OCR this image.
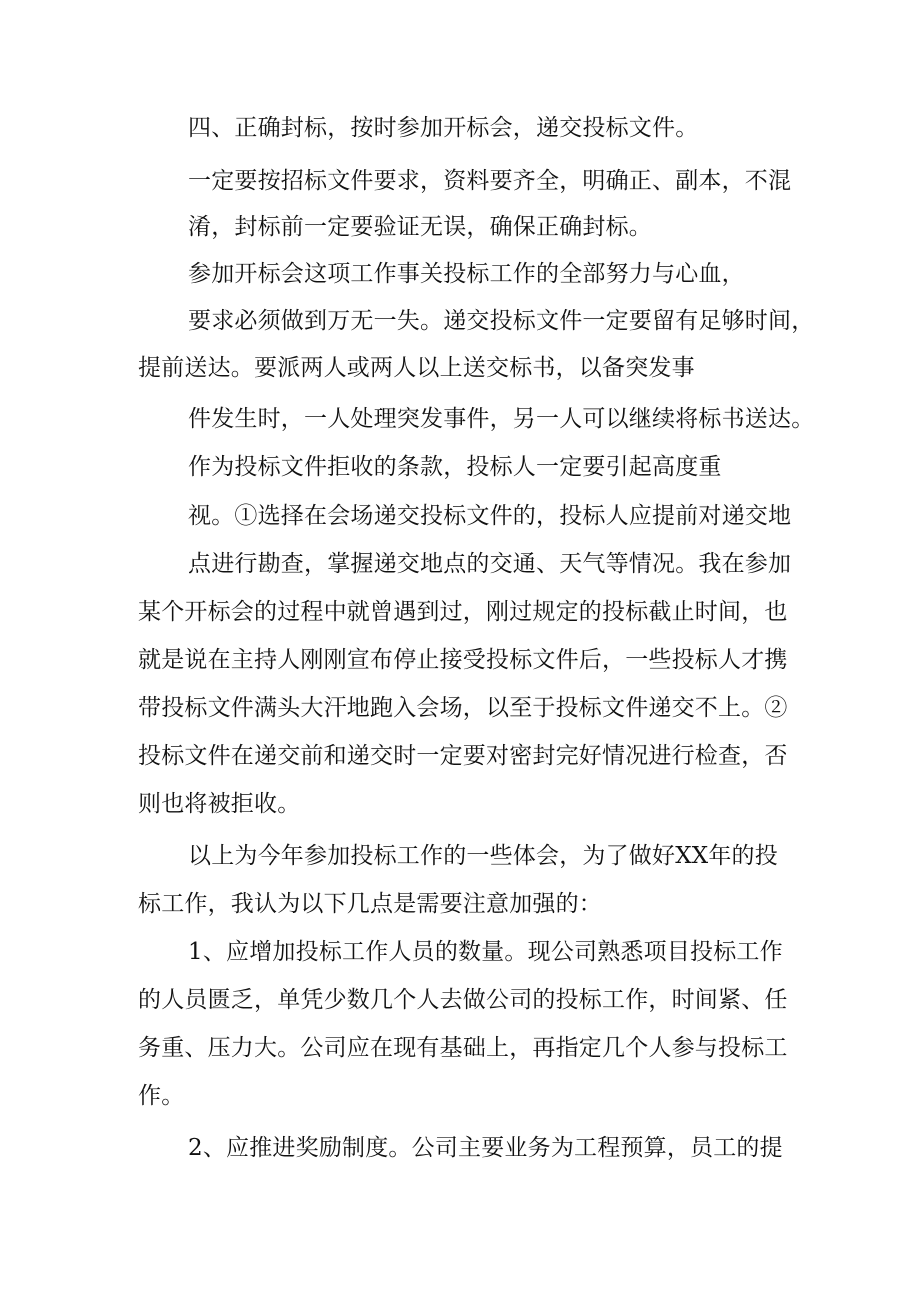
四、正确封标，按时参加开标会，递交投标文件。
一定要按招标文件要求，资料要齐全，明确正、副本，不混
淆，封标前一定要验证无误，确保正确封标。
参加开标会这项工作事关投标工作的全部努力与心血，
要求必须做到万无一失。递交投标文件一定要留有足够时间，
提前送达。要派两人或两人以上送交标书，以备突发事
件发生时，一人处理突发事件，另一人可以继续将标书送达。
作为投标文件拒收的条款，投标人一定要引起高度重
视。①选择在会场递交投标文件的，投标人应提前对递交地
点进行勘查，掌握递交地点的交通、天气等情况。我在参加
某个开标会的过程中就曾遇到过，刚过规定的投标截止时间，也
就是说在主持人刚刚宣布停止接受投标文件后，一些投标人才携
带投标文件满头大汗地跑入会场，以至于投标文件递交不上。②
投标文件在递交前和递交时一定要对密封完好情况进行检查，否
则也将被拒收。
以上为今年参加投标工作的一些体会，为了做好XX年的投
标工作，我认为以下几点是需要注意加强的：
1、应增加投标工作人员的数量。现公司熟悉项目投标工作
的人员匮乏，单凭少数几个人去做公司的投标工作，时间紧、任
务重、压力大。公司应在现有基础上，再指定几个人参与投标工
作。
2、应推进奖励制度。公司主要业务为工程预算，员工的提
